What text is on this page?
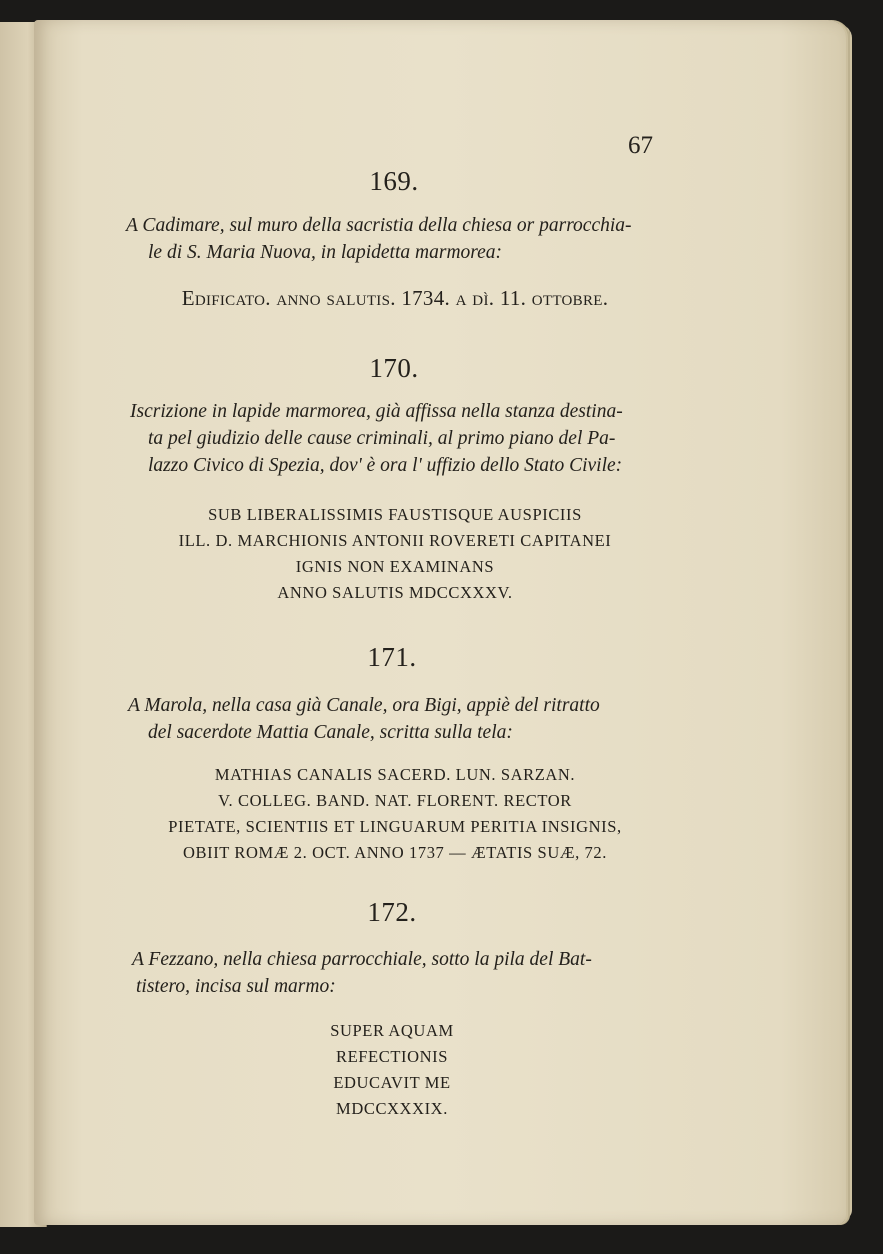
67
169.

A Cadimare, sul muro della sacristia della chiesa or parrocchia-
le di S. Maria Nuova, in lapidetta marmorea:

Edificato. anno salutis. 1734. a dì. 11. ottobre.
170.

Iscrizione in lapide marmorea, già affissa nella stanza destina-
ta pel giudizio delle cause criminali, al primo piano del Pa-
lazzo Civico di Spezia, dov' è ora l' uffizio dello Stato Civile:

SUB LIBERALISSIMIS FAUSTISQUE AUSPICIIS
ILL. D. MARCHIONIS ANTONII ROVERETI CAPITANEI
IGNIS NON EXAMINANS
ANNO SALUTIS MDCCXXXV.
171.

A Marola, nella casa già Canale, ora Bigi, appiè del ritratto
del sacerdote Mattia Canale, scritta sulla tela:

MATHIAS CANALIS SACERD. LUN. SARZAN.
V. COLLEG. BAND. NAT. FLORENT. RECTOR
PIETATE, SCIENTIIS ET LINGUARUM PERITIA INSIGNIS,
OBIIT ROMÆ 2. OCT. ANNO 1737 — ÆTATIS SUÆ, 72.
172.

A Fezzano, nella chiesa parrocchiale, sotto la pila del Bat-
tistero, incisa sul marmo:

SUPER AQUAM
REFECTIONIS
EDUCAVIT ME
MDCCXXXIX.
